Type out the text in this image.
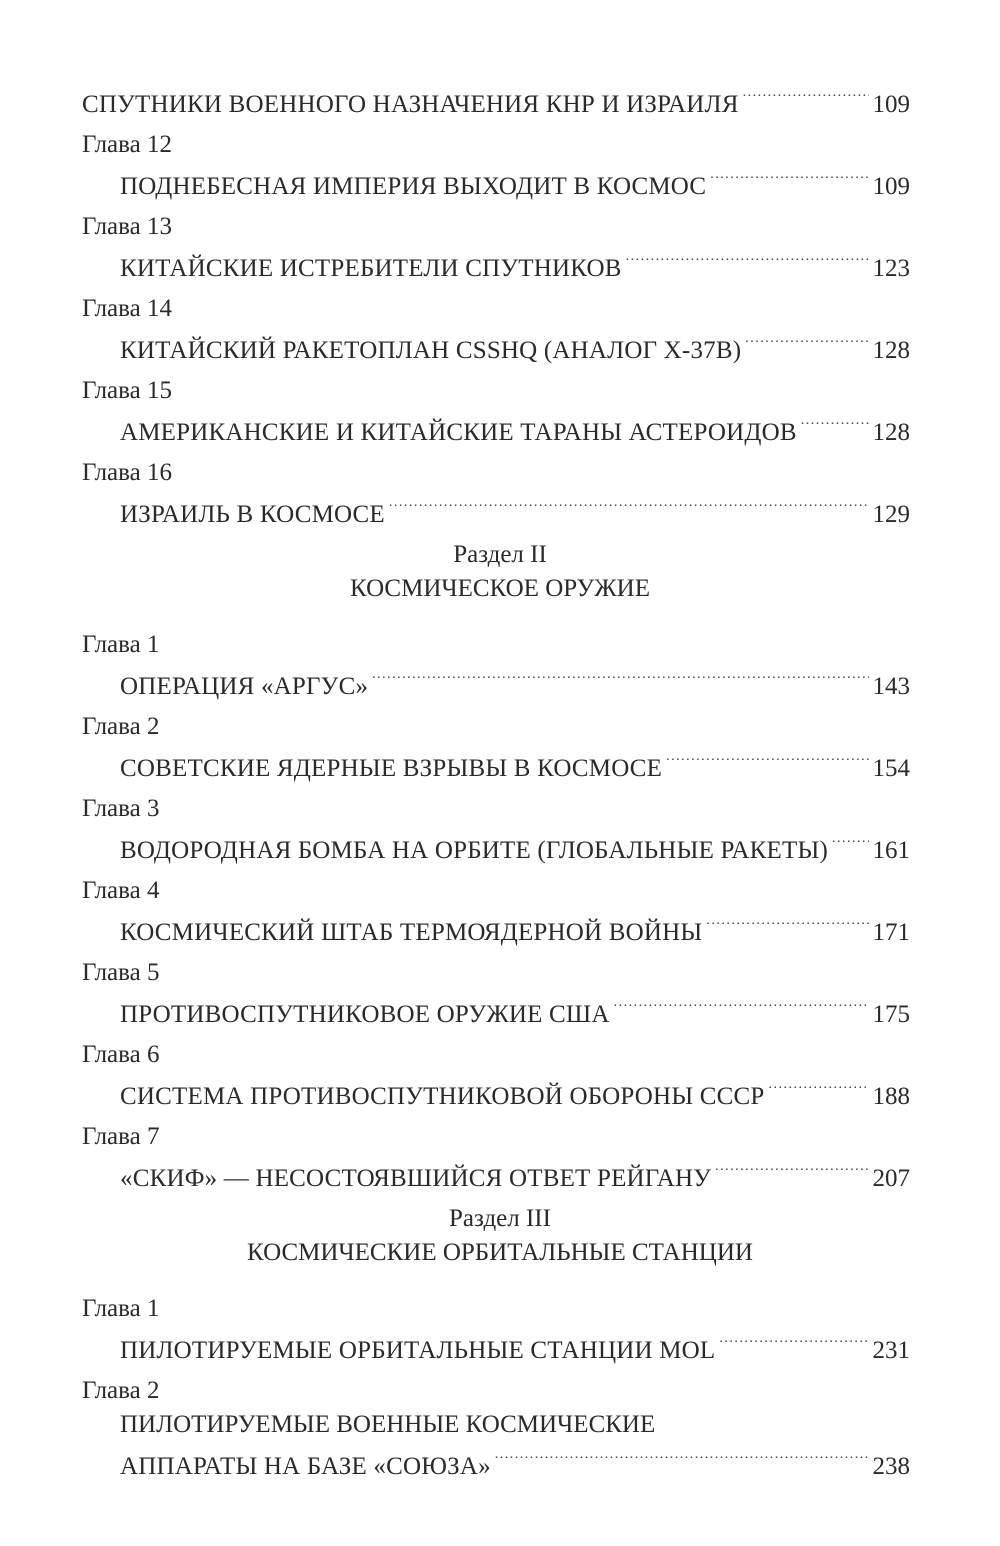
СПУТНИКИ ВОЕННОГО НАЗНАЧЕНИЯ КНР И ИЗРАИЛЯ . . .	109
Глава 12
ПОДНЕБЕСНАЯ ИМПЕРИЯ ВЫХОДИТ В КОСМОС . . .	109
Глава 13
КИТАЙСКИЕ ИСТРЕБИТЕЛИ СПУТНИКОВ . . .	123
Глава 14
КИТАЙСКИЙ РАКЕТОПЛАН CSSHQ (АНАЛОГ X-37B) . . .	128
Глава 15
АМЕРИКАНСКИЕ И КИТАЙСКИЕ ТАРАНЫ АСТЕРОИДОВ . . .	128
Глава 16
ИЗРАИЛЬ В КОСМОСЕ . . .	129
Раздел II
КОСМИЧЕСКОЕ ОРУЖИЕ
Глава 1
ОПЕРАЦИЯ «АРГУС» . . .	143
Глава 2
СОВЕТСКИЕ ЯДЕРНЫЕ ВЗРЫВЫ В КОСМОСЕ . . .	154
Глава 3
ВОДОРОДНАЯ БОМБА НА ОРБИТЕ (ГЛОБАЛЬНЫЕ РАКЕТЫ) . . . 161
Глава 4
КОСМИЧЕСКИЙ ШТАБ ТЕРМОЯДЕРНОЙ ВОЙНЫ . . .	171
Глава 5
ПРОТИВОСПУТНИКОВОЕ ОРУЖИЕ США . . .	175
Глава 6
СИСТЕМА ПРОТИВОСПУТНИКОВОЙ ОБОРОНЫ СССР . . .	188
Глава 7
«СКИФ» — НЕСОСТОЯВШИЙСЯ ОТВЕТ РЕЙГАНУ . . .	207
Раздел III
КОСМИЧЕСКИЕ ОРБИТАЛЬНЫЕ СТАНЦИИ
Глава 1
ПИЛОТИРУЕМЫЕ ОРБИТАЛЬНЫЕ СТАНЦИИ MOL . . .	231
Глава 2
ПИЛОТИРУЕМЫЕ ВОЕННЫЕ КОСМИЧЕСКИЕ
АППАРАТЫ НА БАЗЕ «СОЮЗА» . . .	238
